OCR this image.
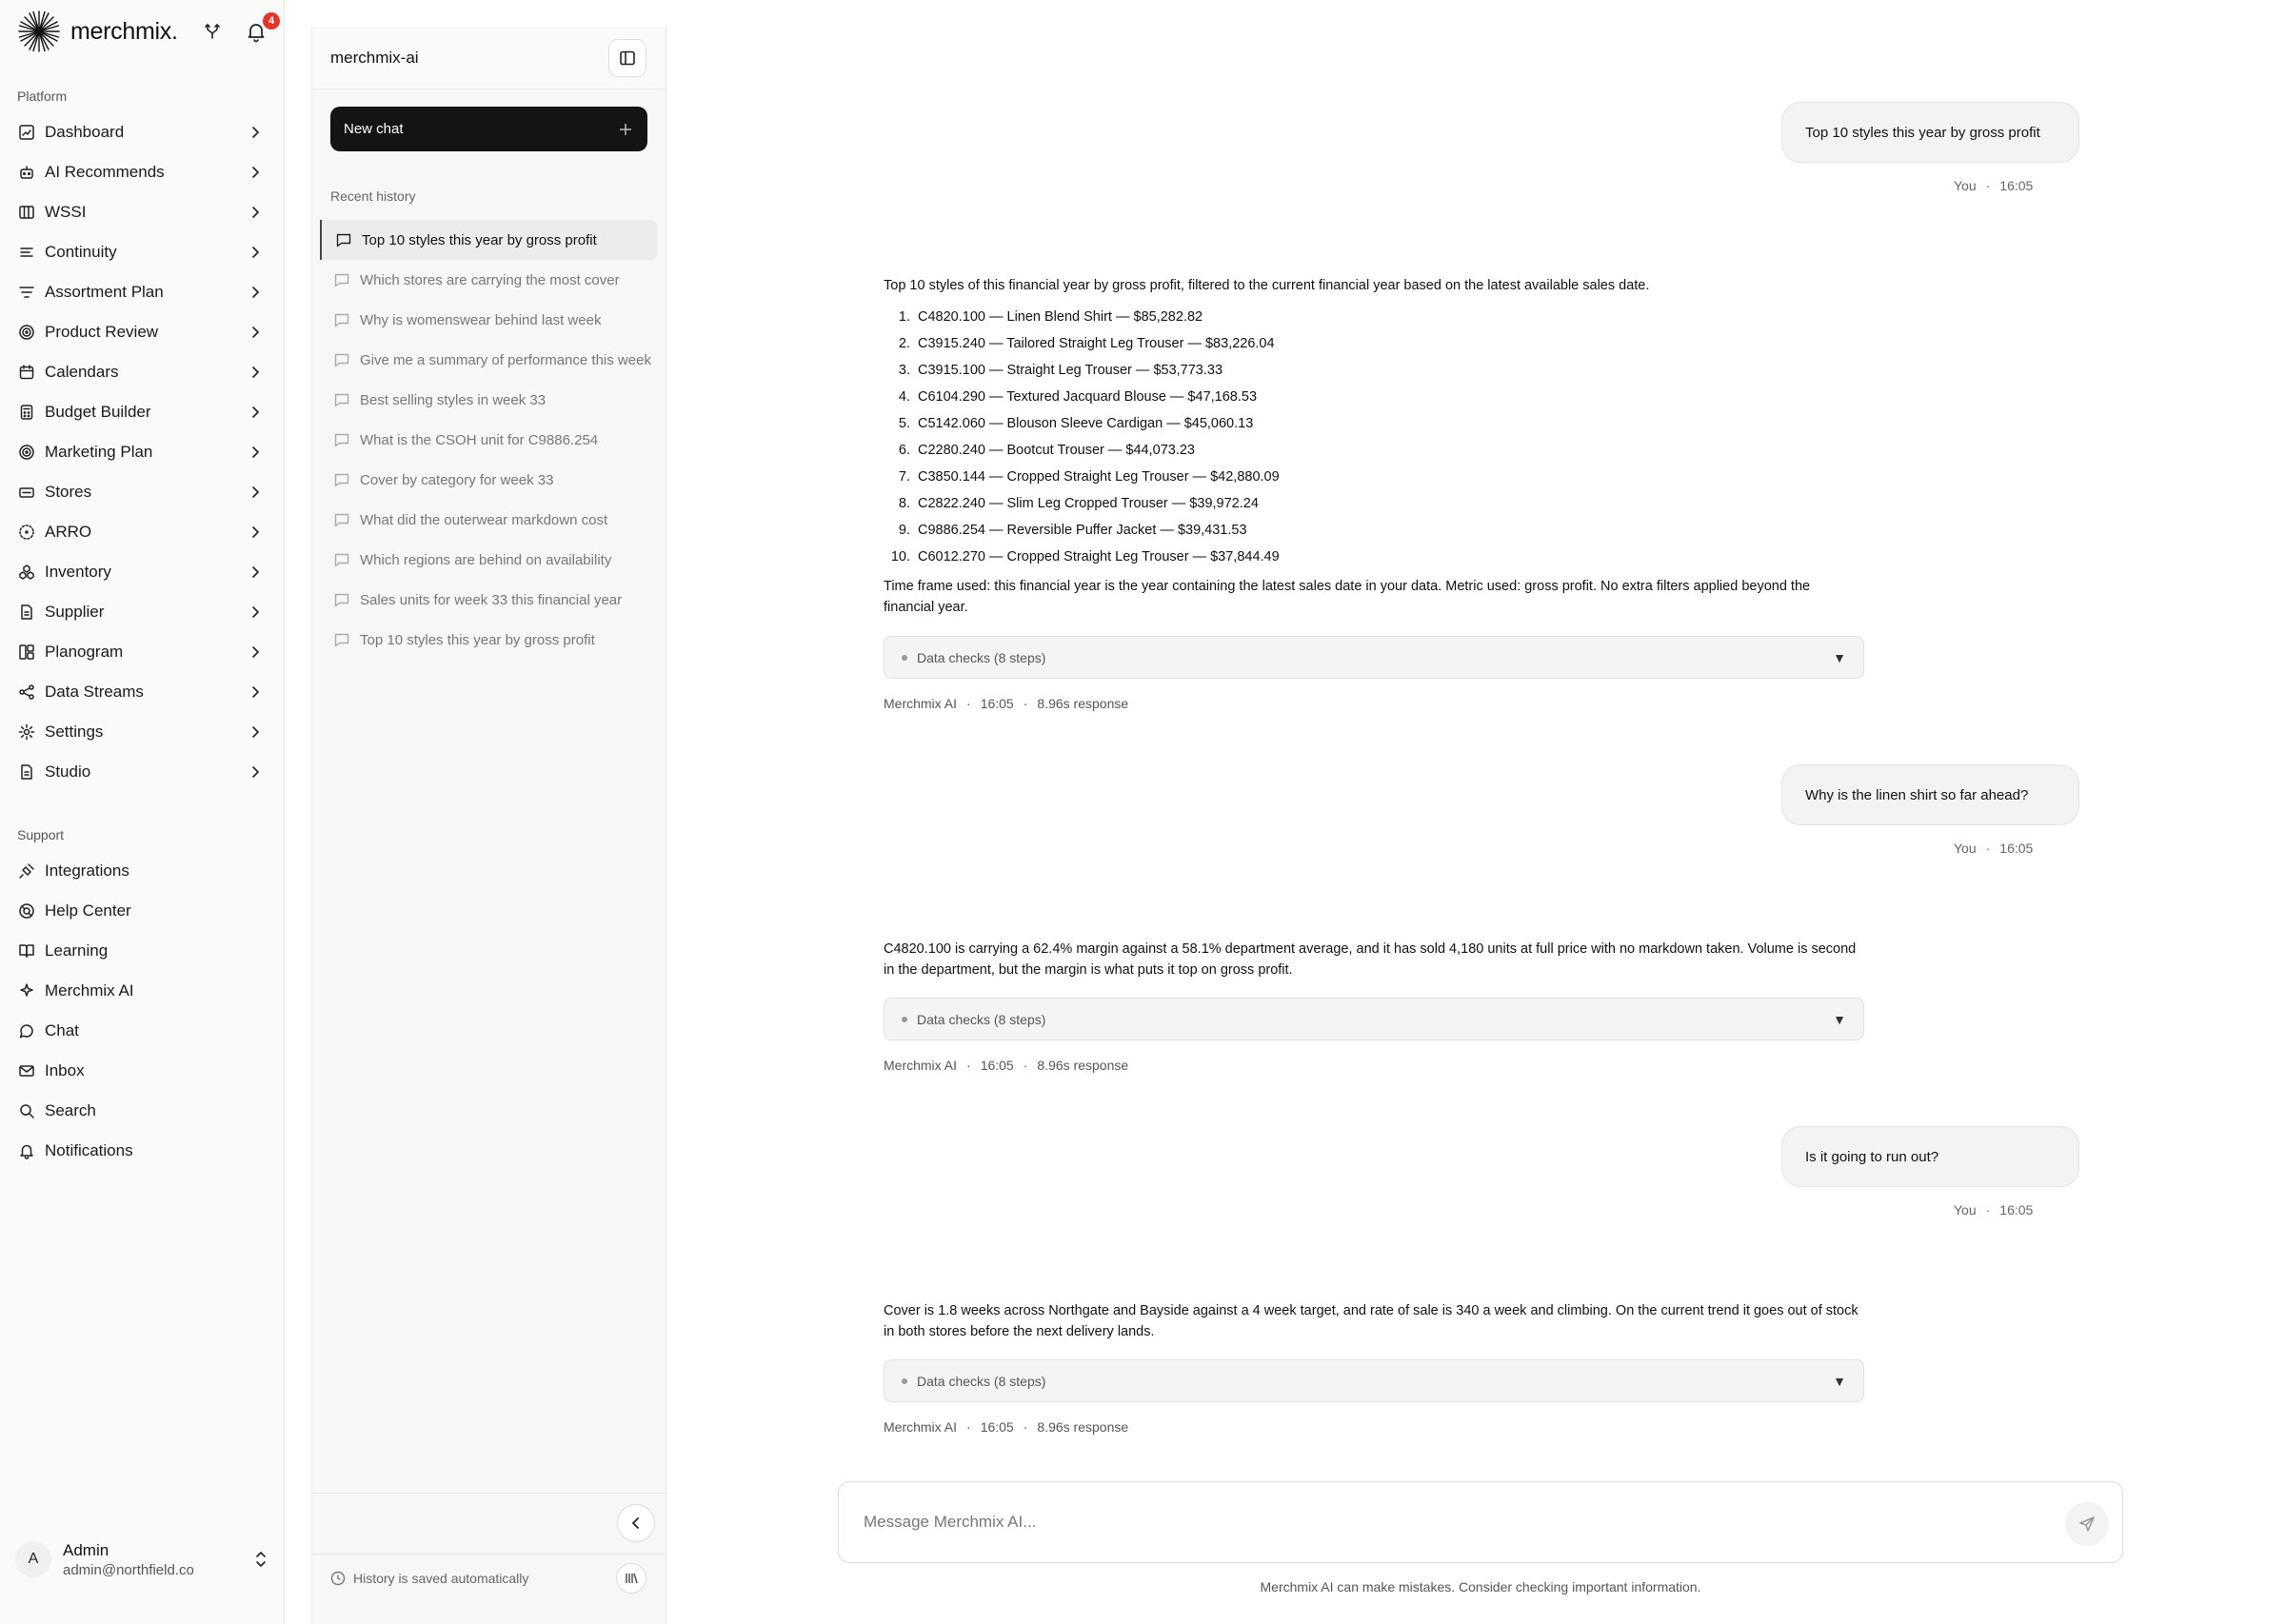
merchmix.	4
Platform
Dashboard
AI Recommends
WSSI
Continuity
Assortment Plan
Product Review
Calendars
Budget Builder
Marketing Plan
Stores
ARRO
Inventory
Supplier
Planogram
Data Streams
Settings
Studio
Support
Integrations
Help Center
Learning
Merchmix AI
Chat
Inbox
Search
Notifications
A	Admin
admin@northfield.co
merchmix-ai
New chat
Recent history
Top 10 styles this year by gross profit
Which stores are carrying the most cover
Why is womenswear behind last week
Give me a summary of performance this week
Best selling styles in week 33
What is the CSOH unit for C9886.254
Cover by category for week 33
What did the outerwear markdown cost
Which regions are behind on availability
Sales units for week 33 this financial year
Top 10 styles this year by gross profit
History is saved automatically
Top 10 styles this year by gross profit
You · 16:05
Top 10 styles of this financial year by gross profit, filtered to the current financial year based on the latest available sales date.
1. C4820.100 — Linen Blend Shirt — $85,282.82
2. C3915.240 — Tailored Straight Leg Trouser — $83,226.04
3. C3915.100 — Straight Leg Trouser — $53,773.33
4. C6104.290 — Textured Jacquard Blouse — $47,168.53
5. C5142.060 — Blouson Sleeve Cardigan — $45,060.13
6. C2280.240 — Bootcut Trouser — $44,073.23
7. C3850.144 — Cropped Straight Leg Trouser — $42,880.09
8. C2822.240 — Slim Leg Cropped Trouser — $39,972.24
9. C9886.254 — Reversible Puffer Jacket — $39,431.53
10. C6012.270 — Cropped Straight Leg Trouser — $37,844.49
Time frame used: this financial year is the year containing the latest sales date in your data. Metric used: gross profit. No extra filters applied beyond the financial year.
Data checks (8 steps)	▼
Merchmix AI · 16:05 · 8.96s response
Why is the linen shirt so far ahead?
You · 16:05
C4820.100 is carrying a 62.4% margin against a 58.1% department average, and it has sold 4,180 units at full price with no markdown taken. Volume is second in the department, but the margin is what puts it top on gross profit.
Data checks (8 steps)	▼
Merchmix AI · 16:05 · 8.96s response
Is it going to run out?
You · 16:05
Cover is 1.8 weeks across Northgate and Bayside against a 4 week target, and rate of sale is 340 a week and climbing. On the current trend it goes out of stock in both stores before the next delivery lands.
Data checks (8 steps)	▼
Merchmix AI · 16:05 · 8.96s response
Message Merchmix AI...
Merchmix AI can make mistakes. Consider checking important information.
